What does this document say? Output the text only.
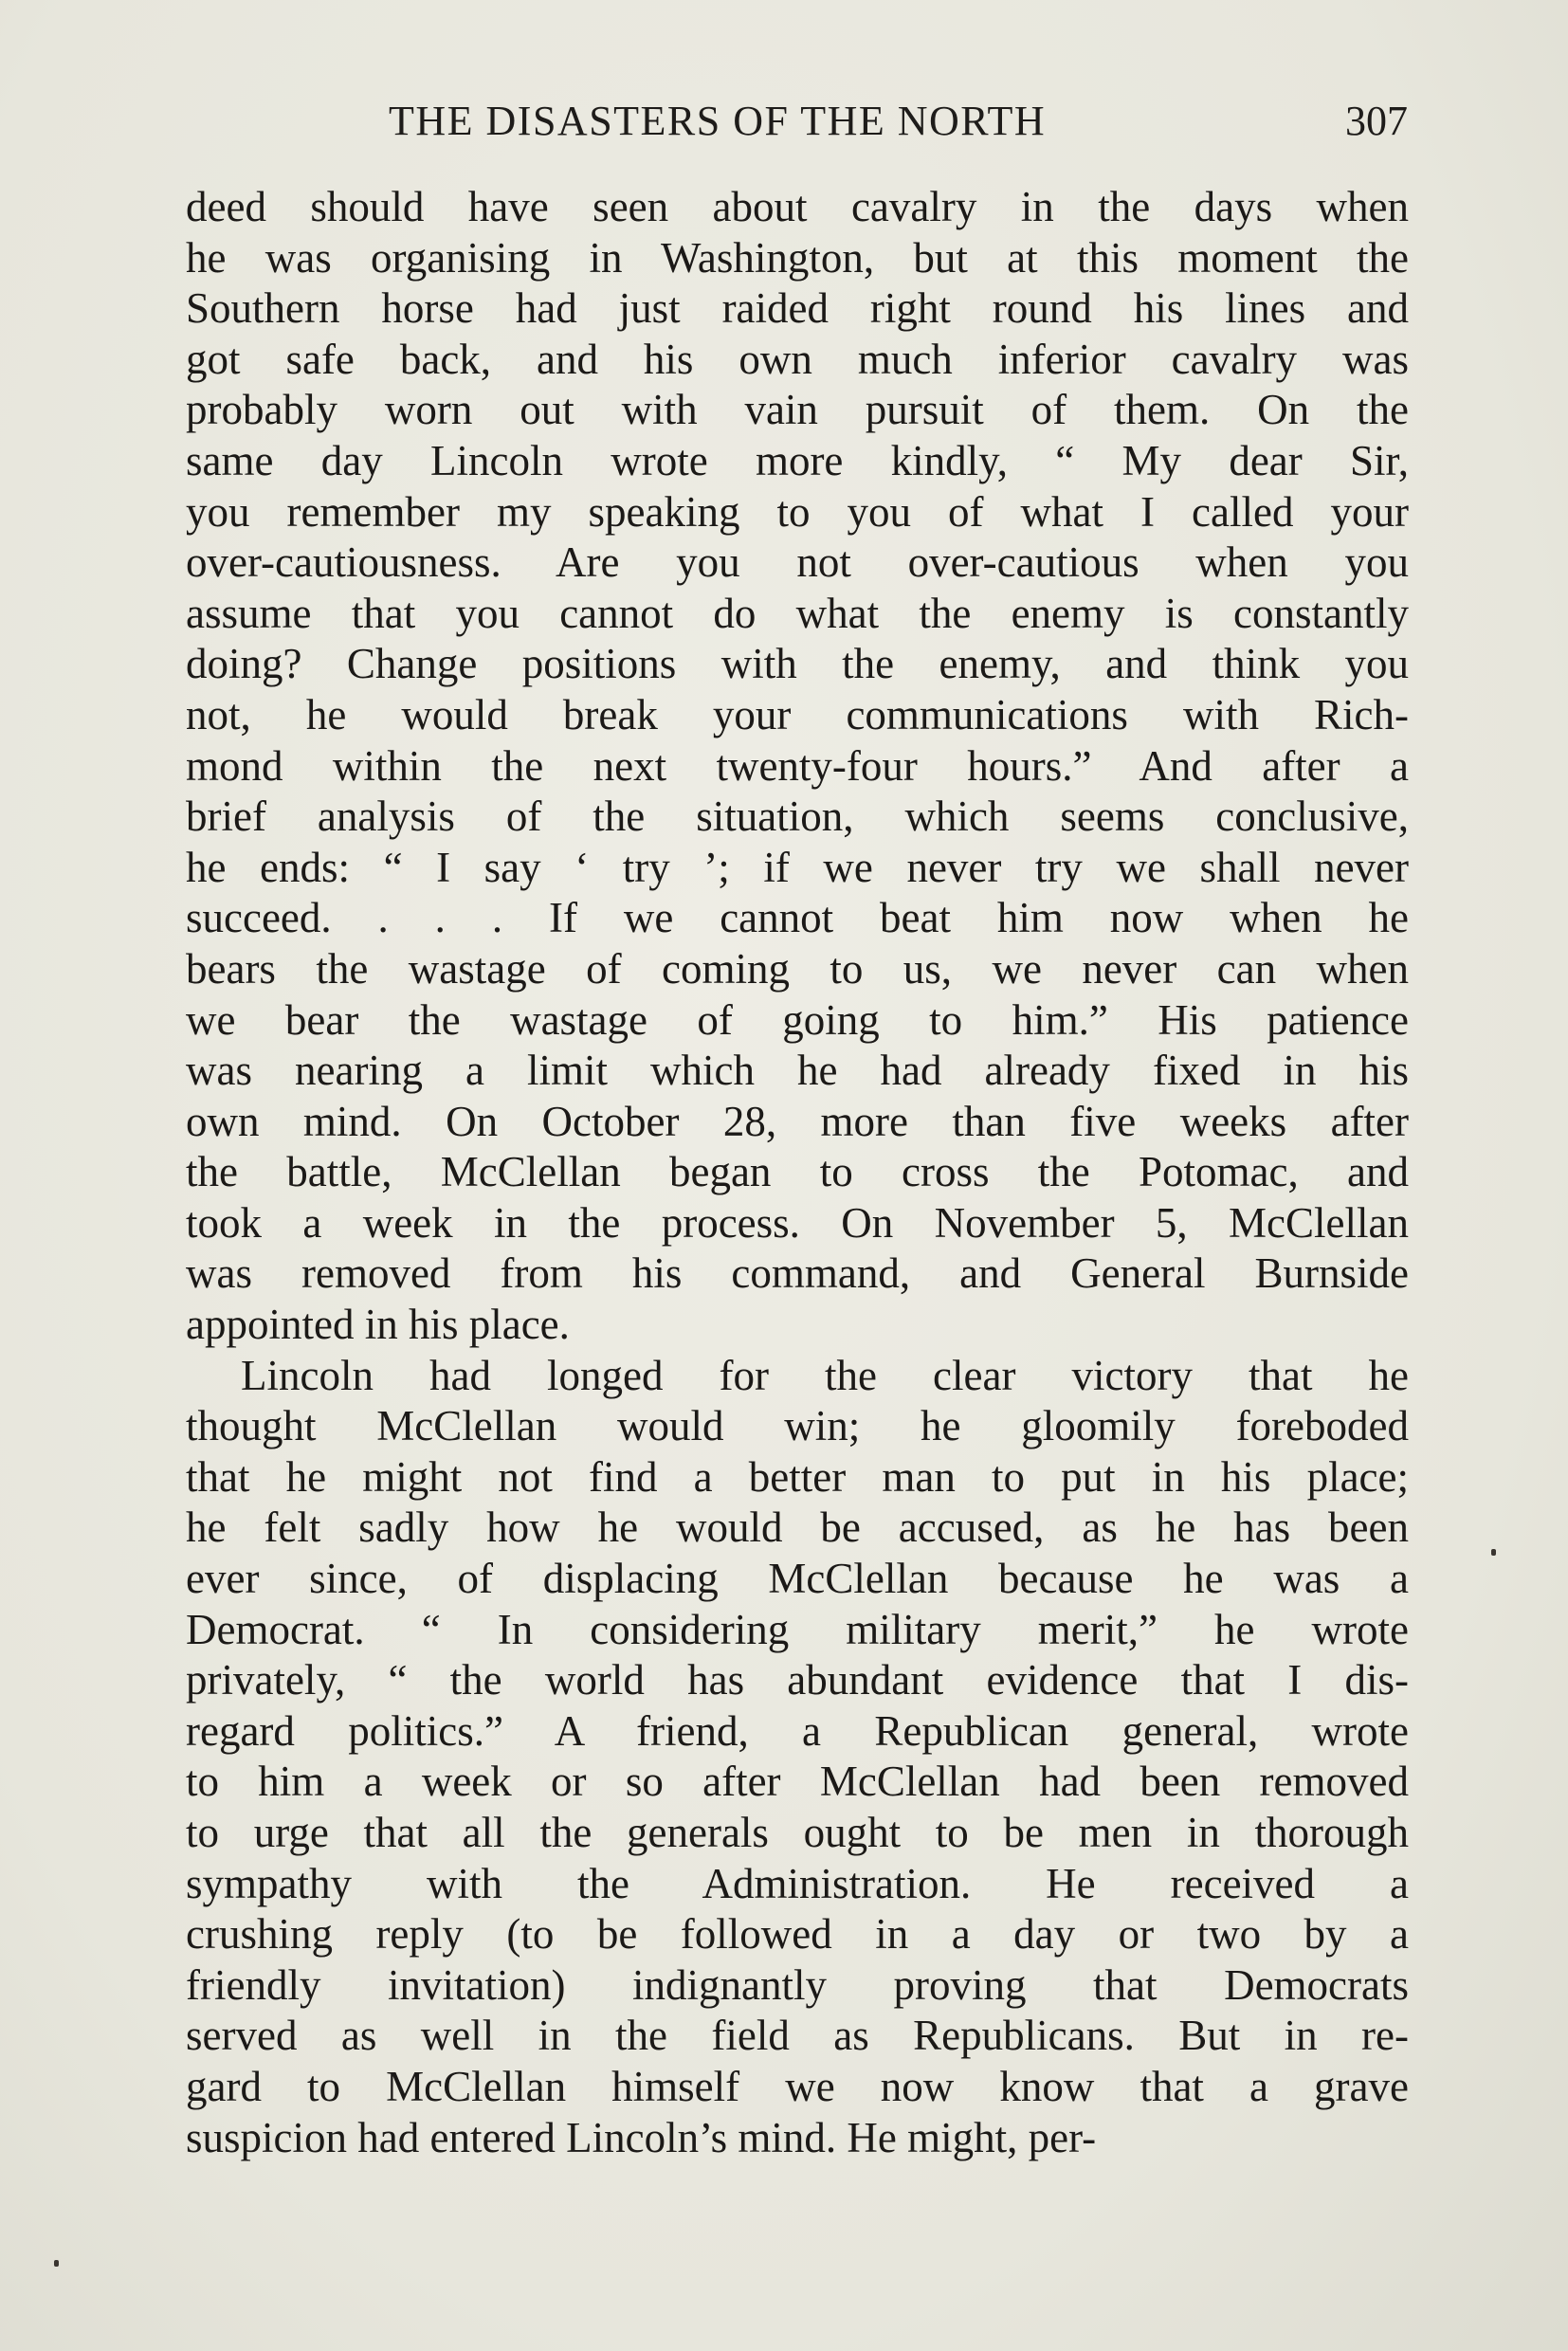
THE DISASTERS OF THE NORTH	307
deed should have seen about cavalry in the days when
he was organising in Washington, but at this moment the
Southern horse had just raided right round his lines and
got safe back, and his own much inferior cavalry was
probably worn out with vain pursuit of them. On the
same day Lincoln wrote more kindly, “ My dear Sir,
you remember my speaking to you of what I called your
over-cautiousness. Are you not over-cautious when you
assume that you cannot do what the enemy is constantly
doing? Change positions with the enemy, and think you
not, he would break your communications with Rich-
mond within the next twenty-four hours.” And after a
brief analysis of the situation, which seems conclusive,
he ends: “ I say ‘ try ’; if we never try we shall never
succeed. . . . If we cannot beat him now when he
bears the wastage of coming to us, we never can when
we bear the wastage of going to him.” His patience
was nearing a limit which he had already fixed in his
own mind. On October 28, more than five weeks after
the battle, McClellan began to cross the Potomac, and
took a week in the process. On November 5, McClellan
was removed from his command, and General Burnside
appointed in his place.
Lincoln had longed for the clear victory that he
thought McClellan would win; he gloomily foreboded
that he might not find a better man to put in his place;
he felt sadly how he would be accused, as he has been
ever since, of displacing McClellan because he was a
Democrat. “ In considering military merit,” he wrote
privately, “ the world has abundant evidence that I dis-
regard politics.” A friend, a Republican general, wrote
to him a week or so after McClellan had been removed
to urge that all the generals ought to be men in thorough
sympathy with the Administration. He received a
crushing reply (to be followed in a day or two by a
friendly invitation) indignantly proving that Democrats
served as well in the field as Republicans. But in re-
gard to McClellan himself we now know that a grave
suspicion had entered Lincoln’s mind. He might, per-
